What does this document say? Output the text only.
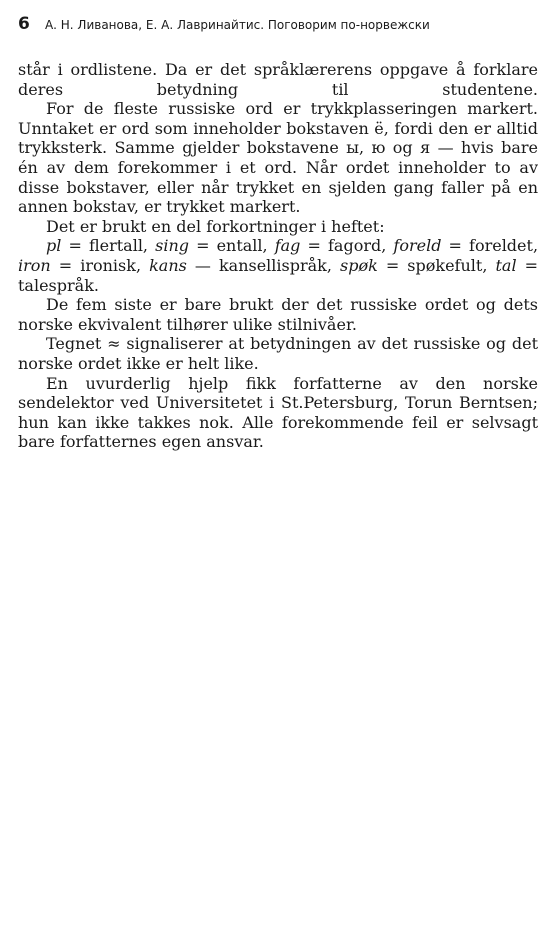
6 А. Н. Ливанова, Е. А. Лавринайтис. Поговорим по-норвежски

står i ordlistene. Da er det språklærerens oppgave å forklare deres betydning til studentene.

For de fleste russiske ord er trykkplasseringen markert. Unntaket er ord som inneholder bokstaven ё, fordi den er alltid trykksterk. Samme gjelder bokstavene ы, ю og я — hvis bare én av dem forekommer i et ord. Når ordet inneholder to av disse bokstaver, eller når trykket en sjelden gang faller på en annen bokstav, er trykket markert.

Det er brukt en del forkortninger i heftet:

pl = flertall, sing = entall, fag = fagord, foreld = foreldet, iron = ironisk, kans — kansellispråk, spøk = spøkefult, tal = talespråk.

De fem siste er bare brukt der det russiske ordet og dets norske ekvivalent tilhører ulike stilnivåer.

Tegnet ≈ signaliserer at betydningen av det russiske og det norske ordet ikke er helt like.

En uvurderlig hjelp fikk forfatterne av den norske sendelektor ved Universitetet i St.Petersburg, Torun Berntsen; hun kan ikke takkes nok. Alle forekommende feil er selvsagt bare forfatternes egen ansvar.
